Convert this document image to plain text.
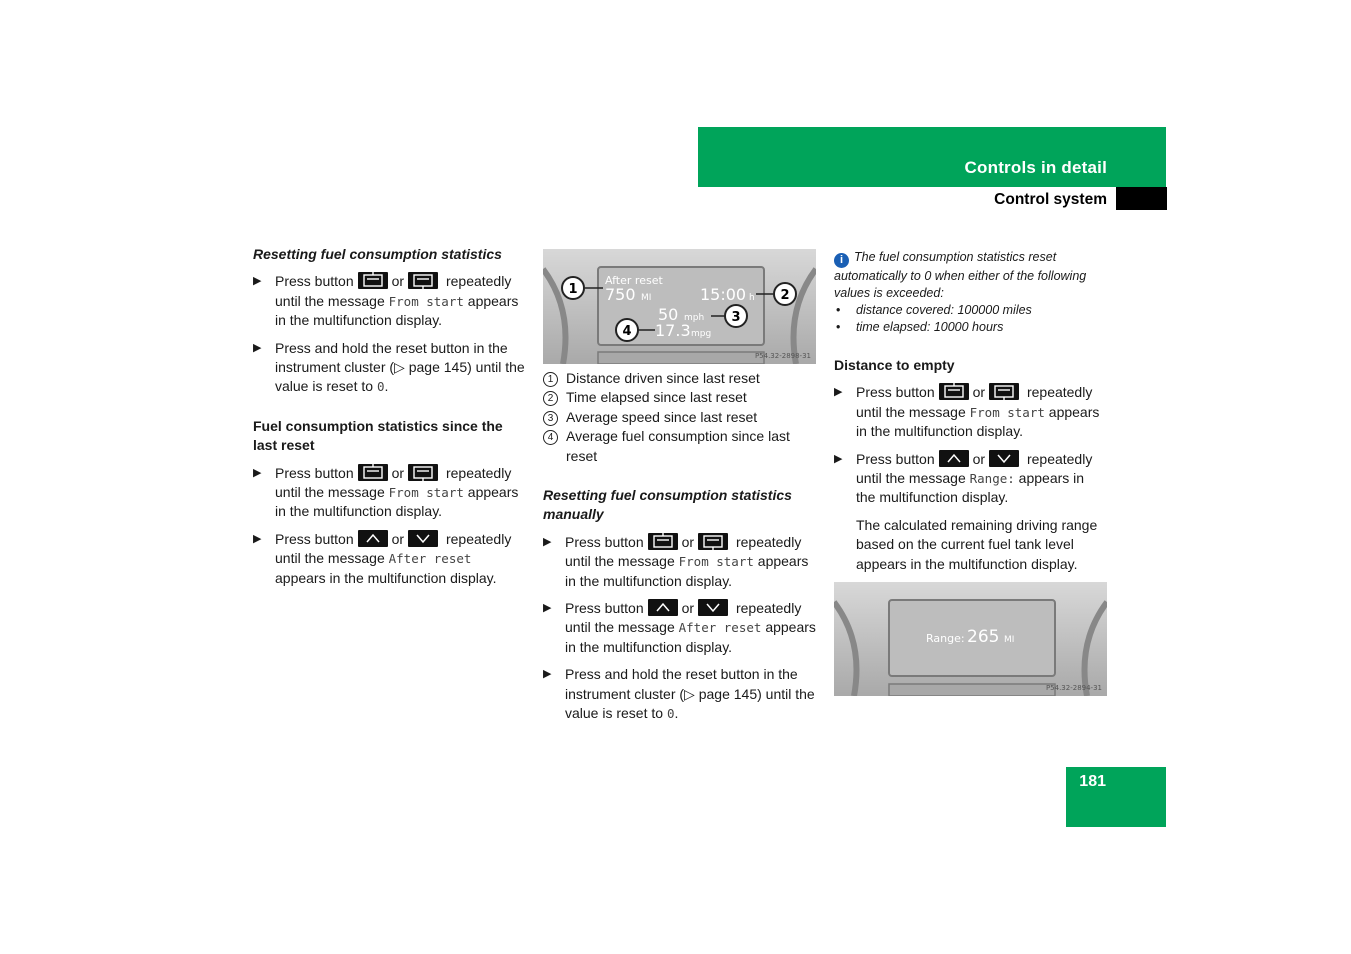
Controls in detail
Control system

Resetting fuel consumption statistics

▶ Press button	or	repeatedly until the message From start appears in the multifunction display.
▶ Press and hold the reset button in the instrument cluster (▷ page 145) until the value is reset to 0.

Fuel consumption statistics since the last reset

▶ Press button	or	repeatedly until the message From start appears in the multifunction display.
▶ Press button	or	repeatedly until the message After reset appears in the multifunction display.
After reset
750 MI	15:00 h
50 mph
17.3 mpg
1	2
3
4
P54.32-2898-31

1 Distance driven since last reset

2 Time elapsed since last reset

3 Average speed since last reset

4 Average fuel consumption since last reset

Resetting fuel consumption statistics manually

▶ Press button	or	repeatedly until the message From start appears in the multifunction display.
▶ Press button	or	repeatedly until the message After reset appears in the multifunction display.
▶ Press and hold the reset button in the instrument cluster (▷ page 145) until the value is reset to 0.

i The fuel consumption statistics reset automatically to 0 when either of the following values is exceeded:

• distance covered: 100000 miles

• time elapsed: 10000 hours

Distance to empty

▶ Press button	or	repeatedly until the message From start appears in the multifunction display.
▶ Press button	or	repeatedly until the message Range: appears in the multifunction display.

The calculated remaining driving range based on the current fuel tank level appears in the multifunction display.

Range: 265 MI
P54.32-2894-31
181
